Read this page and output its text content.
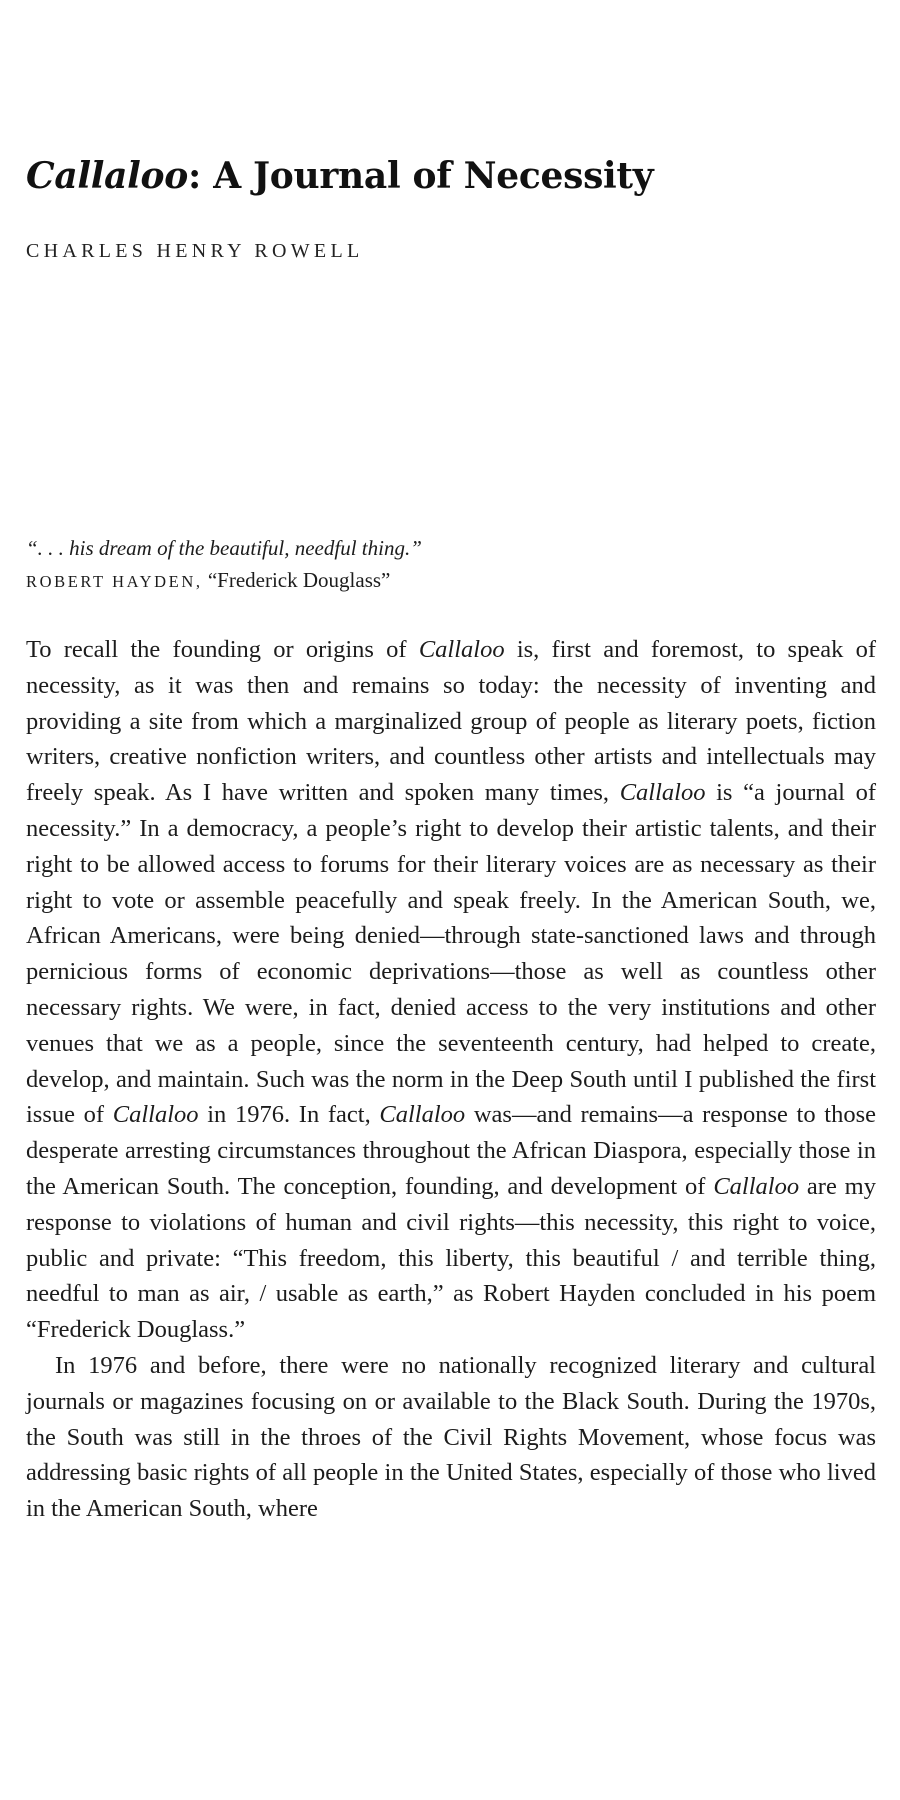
Callaloo: A Journal of Necessity
CHARLES HENRY ROWELL
“. . . his dream of the beautiful, needful thing.”
ROBERT HAYDEN, “Frederick Douglass”

To recall the founding or origins of Callaloo is, first and foremost, to speak of necessity, as it was then and remains so today: the necessity of inventing and providing a site from which a marginalized group of people as literary poets, fiction writers, creative nonfiction writers, and countless other artists and intellectuals may freely speak. As I have written and spoken many times, Callaloo is “a journal of necessity.” In a democracy, a people’s right to develop their artistic talents, and their right to be allowed access to forums for their literary voices are as necessary as their right to vote or assemble peacefully and speak freely. In the American South, we, African Americans, were being denied—through state-sanctioned laws and through pernicious forms of economic deprivations—those as well as countless other necessary rights. We were, in fact, denied access to the very institutions and other venues that we as a people, since the seventeenth century, had helped to create, develop, and maintain. Such was the norm in the Deep South until I published the first issue of Callaloo in 1976. In fact, Callaloo was—and remains—a response to those desperate arresting circumstances throughout the African Diaspora, especially those in the American South. The conception, founding, and development of Callaloo are my response to violations of human and civil rights—this necessity, this right to voice, public and private: “This freedom, this liberty, this beautiful / and terrible thing, needful to man as air, / usable as earth,” as Robert Hayden concluded in his poem “Frederick Douglass.”

In 1976 and before, there were no nationally recognized literary and cultural journals or magazines focusing on or available to the Black South. During the 1970s, the South was still in the throes of the Civil Rights Movement, whose focus was addressing basic rights of all people in the United States, especially of those who lived in the American South, where
